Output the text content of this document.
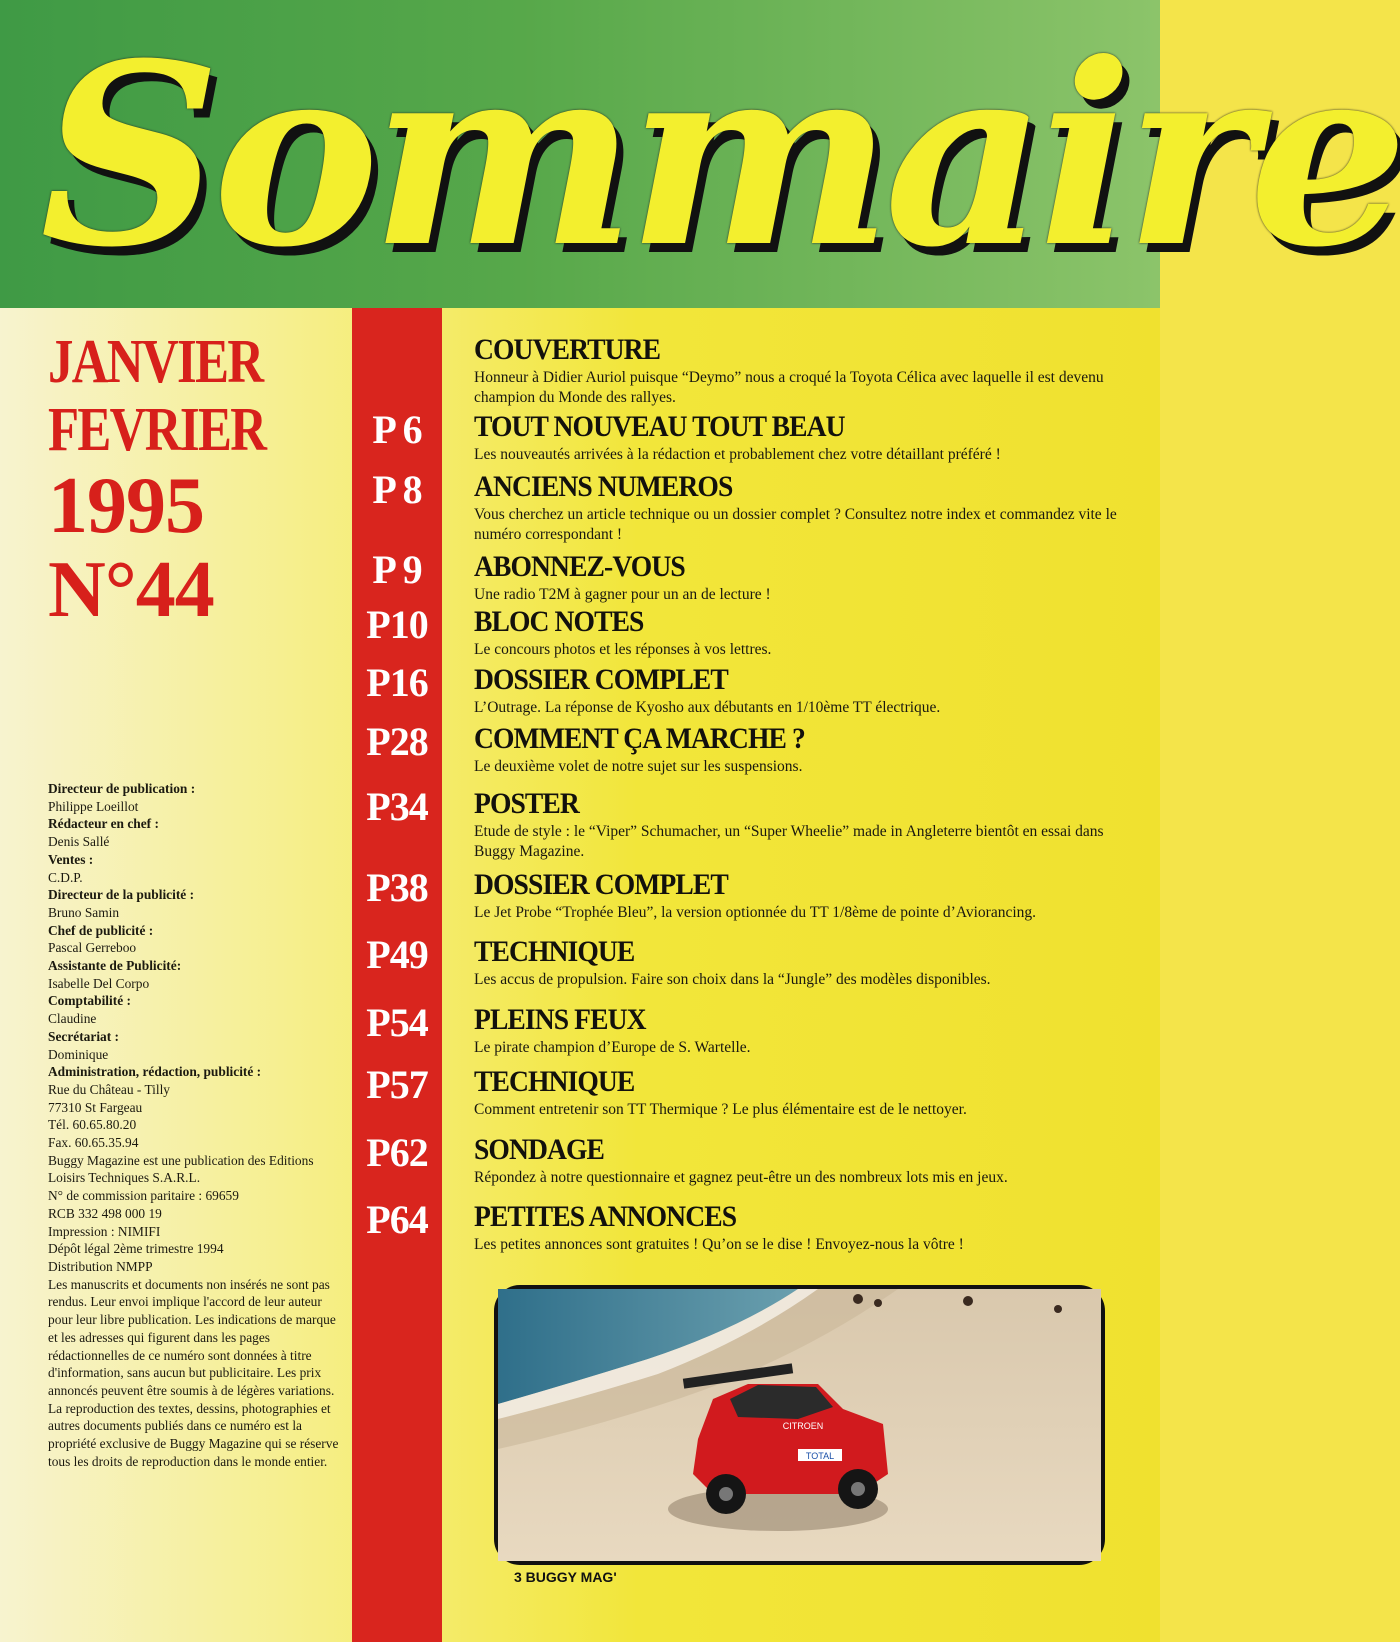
Sommaire
JANVIER
FEVRIER
1995
N°44
Directeur de publication :
Philippe Loeillot
Rédacteur en chef :
Denis Sallé
Ventes :
C.D.P.
Directeur de la publicité :
Bruno Samin
Chef de publicité :
Pascal Gerreboo
Assistante de Publicité:
Isabelle Del Corpo
Comptabilité :
Claudine
Secrétariat :
Dominique
Administration, rédaction, publicité :
Rue du Château - Tilly
77310 St Fargeau
Tél. 60.65.80.20
Fax. 60.65.35.94
Buggy Magazine est une publication des Editions Loisirs Techniques S.A.R.L.
N° de commission paritaire : 69659
RCB 332 498 000 19
Impression : NIMIFI
Dépôt légal 2ème trimestre 1994
Distribution NMPP
Les manuscrits et documents non insérés ne sont pas rendus. Leur envoi implique l'accord de leur auteur pour leur libre publication. Les indications de marque et les adresses qui figurent dans les pages rédactionnelles de ce numéro sont données à titre d'information, sans aucun but publicitaire. Les prix annoncés peuvent être soumis à de légères variations.
La reproduction des textes, dessins, photographies et autres documents publiés dans ce numéro est la propriété exclusive de Buggy Magazine qui se réserve tous les droits de reproduction dans le monde entier.
COUVERTURE
Honneur à Didier Auriol puisque “Deymo” nous a croqué la Toyota Célica avec laquelle il est devenu champion du Monde des rallyes.
P 6	TOUT NOUVEAU TOUT BEAU
Les nouveautés arrivées à la rédaction et probablement chez votre détaillant préféré !
P 8	ANCIENS NUMEROS
Vous cherchez un article technique ou un dossier complet ? Consultez notre index et commandez vite le numéro correspondant !
P 9	ABONNEZ-VOUS
Une radio T2M à gagner pour un an de lecture !
P10	BLOC NOTES
Le concours photos et les réponses à vos lettres.
P16	DOSSIER COMPLET
L’Outrage. La réponse de Kyosho aux débutants en 1/10ème TT électrique.
P28	COMMENT ÇA MARCHE ?
Le deuxième volet de notre sujet sur les suspensions.
P34	POSTER
Etude de style : le “Viper” Schumacher, un “Super Wheelie” made in Angleterre bientôt en essai dans Buggy Magazine.
P38	DOSSIER COMPLET
Le Jet Probe “Trophée Bleu”, la version optionnée du TT 1/8ème de pointe d’Aviorancing.
P49	TECHNIQUE
Les accus de propulsion. Faire son choix dans la “Jungle” des modèles disponibles.
P54	PLEINS FEUX
Le pirate champion d’Europe de S. Wartelle.
P57	TECHNIQUE
Comment entretenir son TT Thermique ? Le plus élémentaire est de le nettoyer.
P62	SONDAGE
Répondez à notre questionnaire et gagnez peut-être un des nombreux lots mis en jeux.
P64	PETITES ANNONCES
Les petites annonces sont gratuites ! Qu’on se le dise ! Envoyez-nous la vôtre !
TOTAL
CITROEN
3 BUGGY MAG'
